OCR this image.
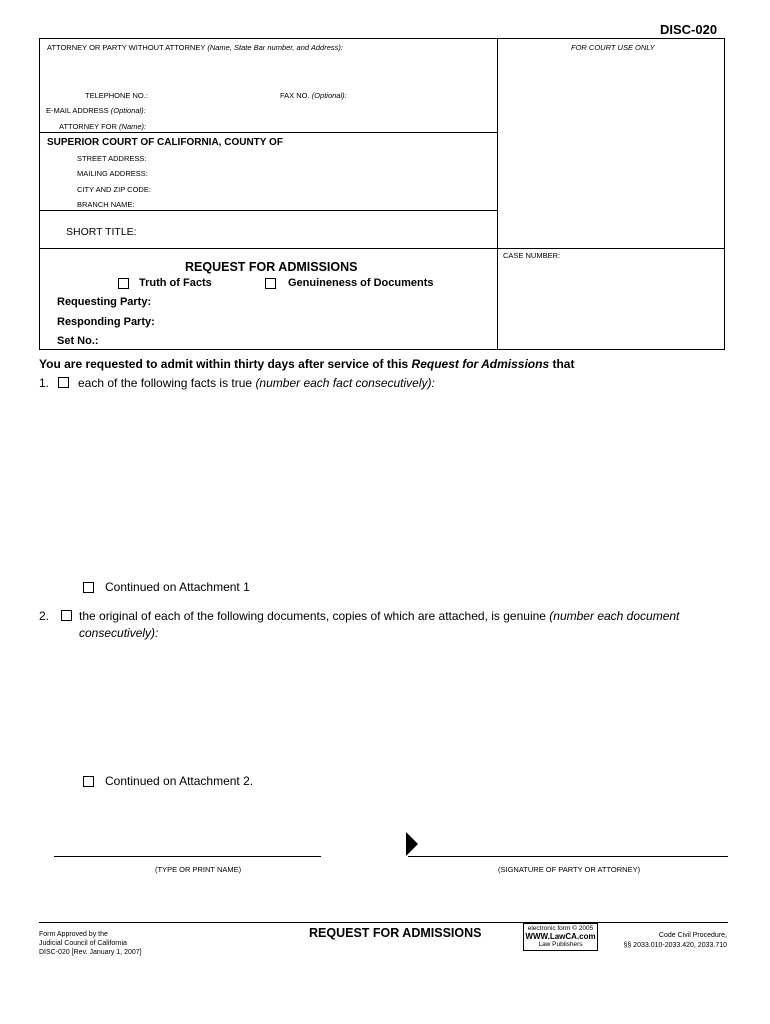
DISC-020
ATTORNEY OR PARTY WITHOUT ATTORNEY (Name, State Bar number, and Address):	FOR COURT USE ONLY
TELEPHONE NO.:	FAX NO. (Optional):
E-MAIL ADDRESS (Optional):
ATTORNEY FOR (Name):
SUPERIOR COURT OF CALIFORNIA, COUNTY OF
STREET ADDRESS:
MAILING ADDRESS:
CITY AND ZIP CODE:
BRANCH NAME:
SHORT TITLE:
CASE NUMBER:
REQUEST FOR ADMISSIONS
Truth of Facts	Genuineness of Documents
Requesting Party:
Responding Party:
Set No.:
You are requested to admit within thirty days after service of this Request for Admissions that
1. each of the following facts is true (number each fact consecutively):
Continued on Attachment 1
2. the original of each of the following documents, copies of which are attached, is genuine (number each document
consecutively):
Continued on Attachment 2.
(TYPE OR PRINT NAME)	(SIGNATURE OF PARTY OR ATTORNEY)
Form Approved by the
Judicial Council of California
DISC-020 [Rev. January 1, 2007]
REQUEST FOR ADMISSIONS	electronic form © 2005
WWW.LawCA.com
Law Publishers
Code Civil Procedure,
§§ 2033.010-2033.420, 2033.710
